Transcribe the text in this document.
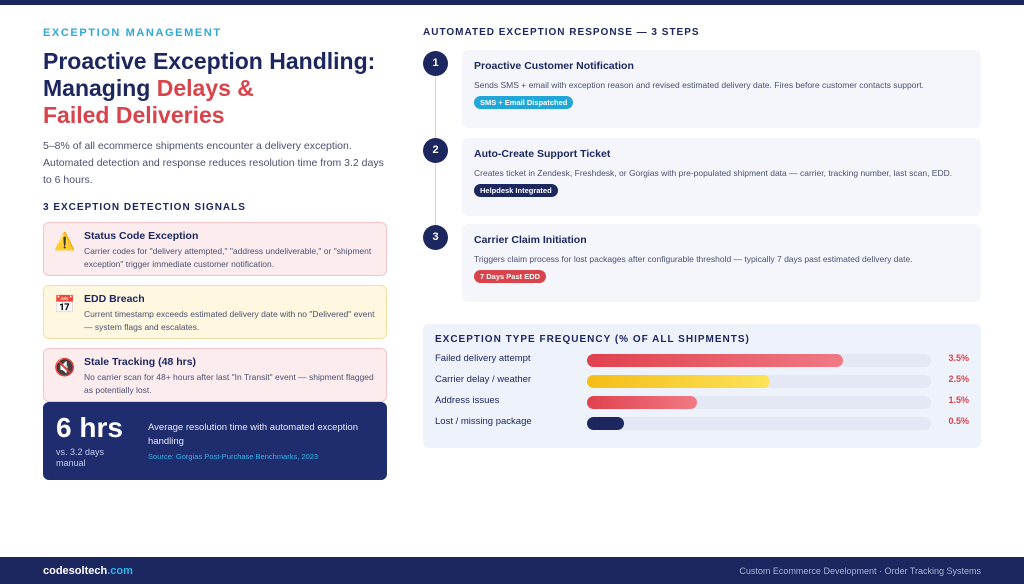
EXCEPTION MANAGEMENT
Proactive Exception Handling:
Managing Delays &
Failed Deliveries

5–8% of all ecommerce shipments encounter a delivery exception. Automated detection and response reduces resolution time from 3.2 days to 6 hours.

3 EXCEPTION DETECTION SIGNALS
⚠️ Status Code Exception
Carrier codes for "delivery attempted," "address undeliverable," or "shipment exception" trigger immediate customer notification.
📅 EDD Breach
Current timestamp exceeds estimated delivery date with no "Delivered" event — system flags and escalates.
🔇 Stale Tracking (48 hrs)
No carrier scan for 48+ hours after last "In Transit" event — shipment flagged as potentially lost.
6 hrs
vs. 3.2 days manual
Average resolution time with automated exception handling
Source: Gorgias Post-Purchase Benchmarks, 2023
AUTOMATED EXCEPTION RESPONSE — 3 STEPS
1	Proactive Customer Notification
Sends SMS + email with exception reason and revised estimated delivery date. Fires before customer contacts support.
SMS + Email Dispatched
2	Auto-Create Support Ticket
Creates ticket in Zendesk, Freshdesk, or Gorgias with pre-populated shipment data — carrier, tracking number, last scan, EDD.
Helpdesk Integrated
3	Carrier Claim Initiation
Triggers claim process for lost packages after configurable threshold — typically 7 days past estimated delivery date.
7 Days Past EDD
EXCEPTION TYPE FREQUENCY (% OF ALL SHIPMENTS)
Failed delivery attempt	3.5%
Carrier delay / weather	2.5%
Address issues	1.5%
Lost / missing package	0.5%
codesoltech.com	Custom Ecommerce Development · Order Tracking Systems
